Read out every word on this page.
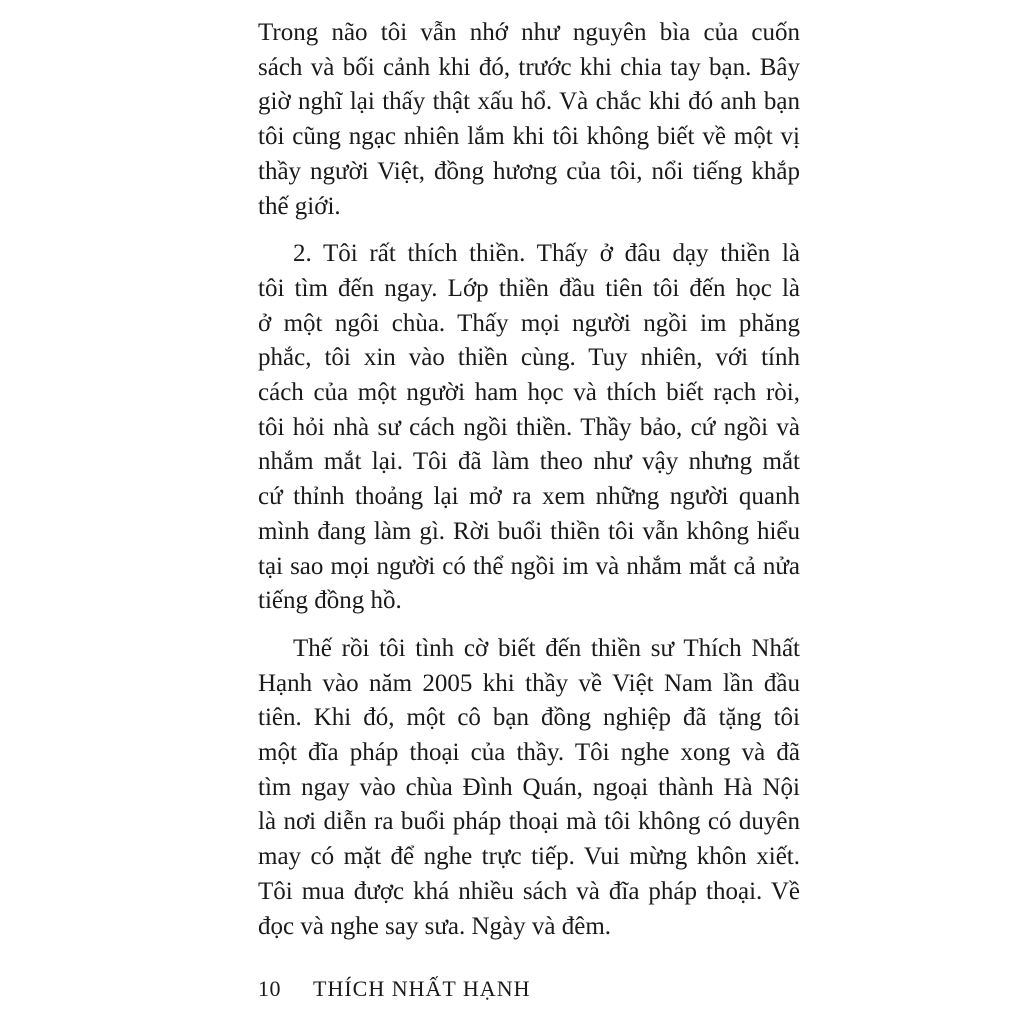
Trong não tôi vẫn nhớ như nguyên bìa của cuốn
sách và bối cảnh khi đó, trước khi chia tay bạn. Bây
giờ nghĩ lại thấy thật xấu hổ. Và chắc khi đó anh bạn
tôi cũng ngạc nhiên lắm khi tôi không biết về một vị
thầy người Việt, đồng hương của tôi, nổi tiếng khắp
thế giới.

2. Tôi rất thích thiền. Thấy ở đâu dạy thiền là
tôi tìm đến ngay. Lớp thiền đầu tiên tôi đến học là
ở một ngôi chùa. Thấy mọi người ngồi im phăng
phắc, tôi xin vào thiền cùng. Tuy nhiên, với tính
cách của một người ham học và thích biết rạch ròi,
tôi hỏi nhà sư cách ngồi thiền. Thầy bảo, cứ ngồi và
nhắm mắt lại. Tôi đã làm theo như vậy nhưng mắt
cứ thỉnh thoảng lại mở ra xem những người quanh
mình đang làm gì. Rời buổi thiền tôi vẫn không hiểu
tại sao mọi người có thể ngồi im và nhắm mắt cả nửa
tiếng đồng hồ.

Thế rồi tôi tình cờ biết đến thiền sư Thích Nhất
Hạnh vào năm 2005 khi thầy về Việt Nam lần đầu
tiên. Khi đó, một cô bạn đồng nghiệp đã tặng tôi
một đĩa pháp thoại của thầy. Tôi nghe xong và đã
tìm ngay vào chùa Đình Quán, ngoại thành Hà Nội
là nơi diễn ra buổi pháp thoại mà tôi không có duyên
may có mặt để nghe trực tiếp. Vui mừng khôn xiết.
Tôi mua được khá nhiều sách và đĩa pháp thoại. Về
đọc và nghe say sưa. Ngày và đêm.

10 THÍCH NHẤT HẠNH
